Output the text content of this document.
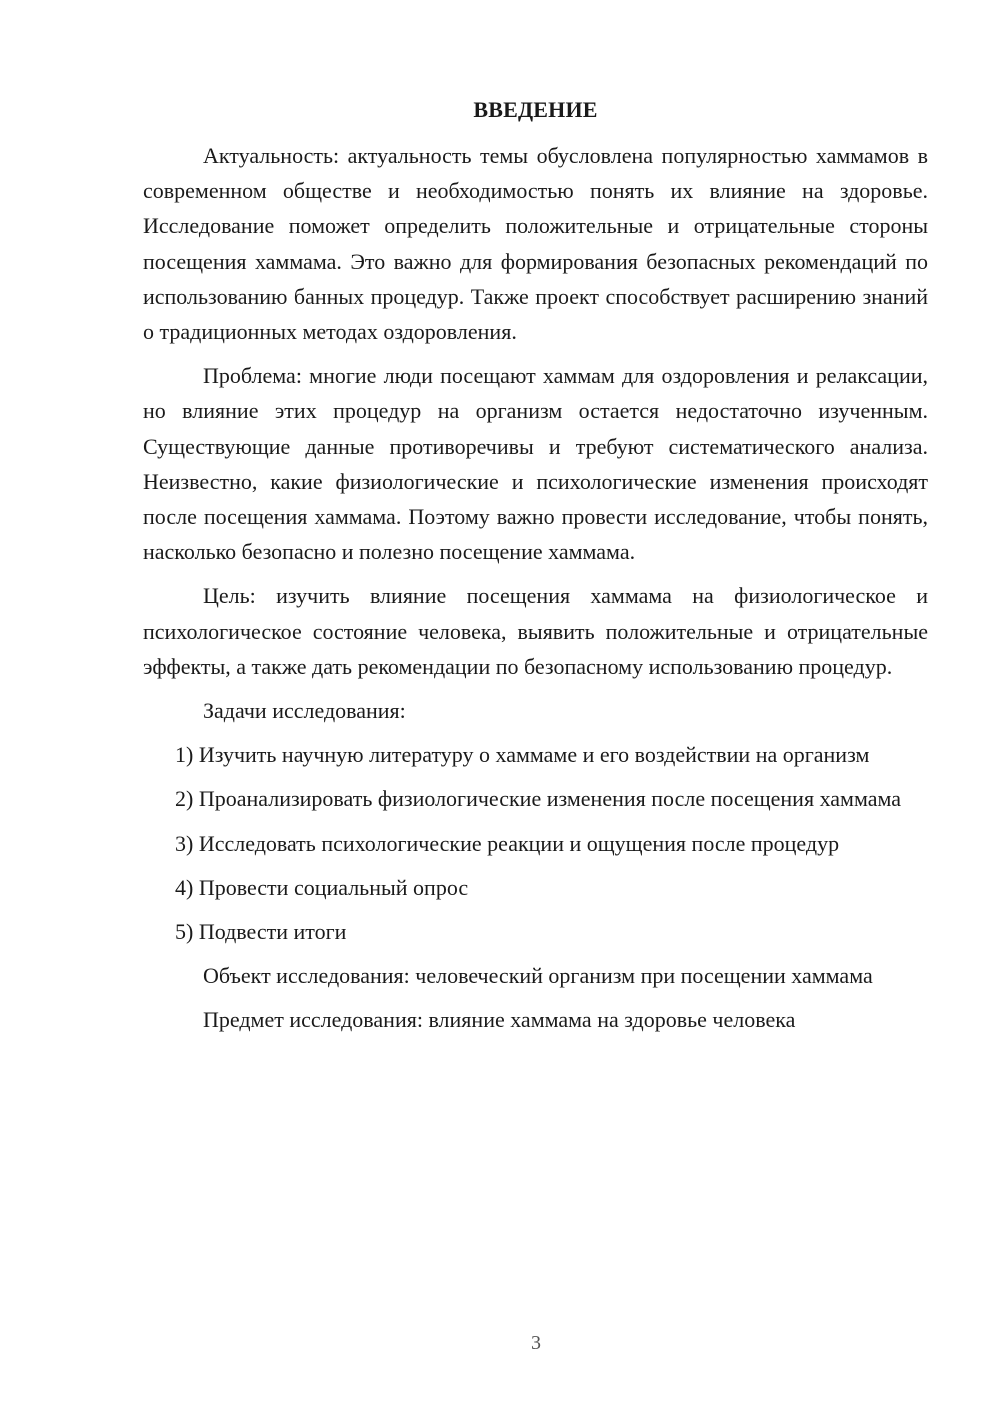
ВВЕДЕНИЕ

Актуальность: актуальность темы обусловлена популярностью хаммамов в современном обществе и необходимостью понять их влияние на здоровье. Исследование поможет определить положительные и отрицательные стороны посещения хаммама. Это важно для формирования безопасных рекомендаций по использованию банных процедур. Также проект способствует расширению знаний о традиционных методах оздоровления.

Проблема: многие люди посещают хаммам для оздоровления и релаксации, но влияние этих процедур на организм остается недостаточно изученным. Существующие данные противоречивы и требуют систематического анализа. Неизвестно, какие физиологические и психологические изменения происходят после посещения хаммама. Поэтому важно провести исследование, чтобы понять, насколько безопасно и полезно посещение хаммама.

Цель: изучить влияние посещения хаммама на физиологическое и психологическое состояние человека, выявить положительные и отрицательные эффекты, а также дать рекомендации по безопасному использованию процедур.

Задачи исследования:

1) Изучить научную литературу о хаммаме и его воздействии на организм

2) Проанализировать физиологические изменения после посещения хаммама

3) Исследовать психологические реакции и ощущения после процедур

4) Провести социальный опрос

5) Подвести итоги

Объект исследования: человеческий организм при посещении хаммама

Предмет исследования: влияние хаммама на здоровье человека

3
